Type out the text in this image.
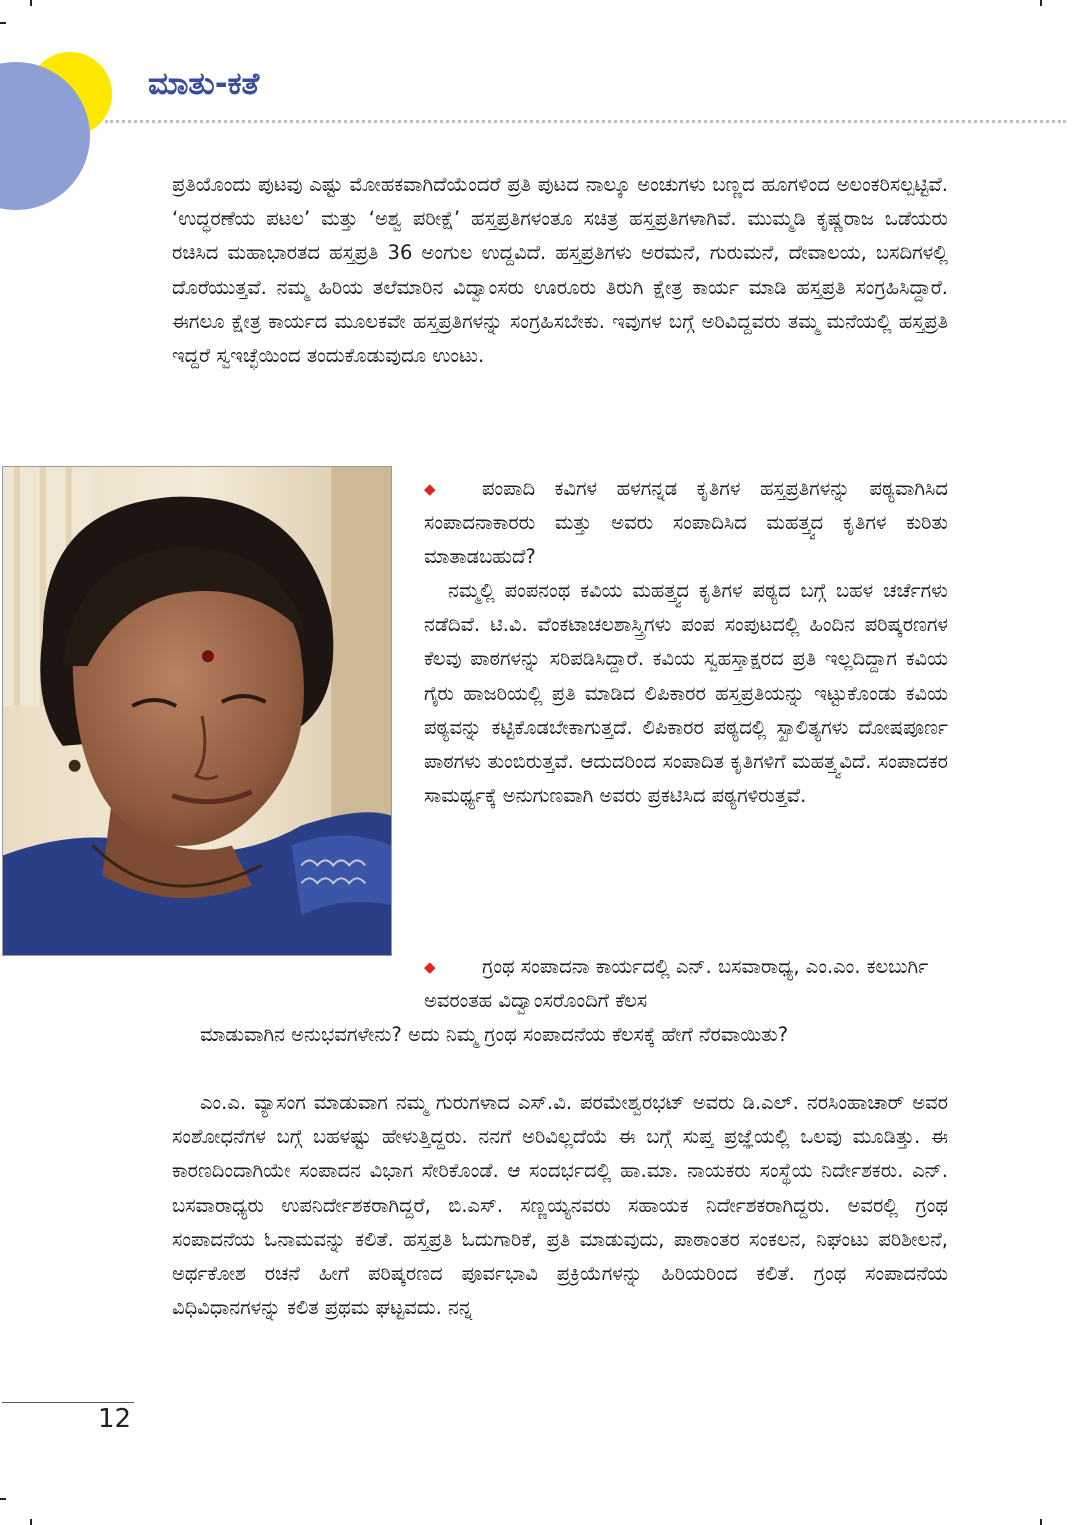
ಮಾತು-ಕತೆ

ಪ್ರತಿಯೊಂದು ಪುಟವು ಎಷ್ಟು ಮೋಹಕವಾಗಿದೆಯೆಂದರೆ ಪ್ರತಿ ಪುಟದ ನಾಲ್ಕೂ ಅಂಚುಗಳು ಬಣ್ಣದ ಹೂಗಳಿಂದ ಅಲಂಕರಿಸಲ್ಪಟ್ಟಿವೆ. ‘ಉದ್ಧರಣೆಯ ಪಟಲ’ ಮತ್ತು ‘ಅಶ್ವ ಪರೀಕ್ಷೆ’ ಹಸ್ತಪ್ರತಿಗಳಂತೂ ಸಚಿತ್ರ ಹಸ್ತಪ್ರತಿಗಳಾಗಿವೆ. ಮುಮ್ಮಡಿ ಕೃಷ್ಣರಾಜ ಒಡೆಯರು ರಚಿಸಿದ ಮಹಾಭಾರತದ ಹಸ್ತಪ್ರತಿ 36 ಅಂಗುಲ ಉದ್ದವಿದೆ. ಹಸ್ತಪ್ರತಿಗಳು ಅರಮನೆ, ಗುರುಮನೆ, ದೇವಾಲಯ, ಬಸದಿಗಳಲ್ಲಿ ದೊರೆಯುತ್ತವೆ. ನಮ್ಮ ಹಿರಿಯ ತಲೆಮಾರಿನ ವಿದ್ವಾಂಸರು ಊರೂರು ತಿರುಗಿ ಕ್ಷೇತ್ರ ಕಾರ್ಯ ಮಾಡಿ ಹಸ್ತಪ್ರತಿ ಸಂಗ್ರಹಿಸಿದ್ದಾರೆ. ಈಗಲೂ ಕ್ಷೇತ್ರ ಕಾರ್ಯದ ಮೂಲಕವೇ ಹಸ್ತಪ್ರತಿಗಳನ್ನು ಸಂಗ್ರಹಿಸಬೇಕು. ಇವುಗಳ ಬಗ್ಗೆ ಅರಿವಿದ್ದವರು ತಮ್ಮ ಮನೆಯಲ್ಲಿ ಹಸ್ತಪ್ರತಿ ಇದ್ದರೆ ಸ್ವಇಚ್ಛೆಯಿಂದ ತಂದುಕೊಡುವುದೂ ಉಂಟು.

◆ ಪಂಪಾದಿ ಕವಿಗಳ ಹಳಗನ್ನಡ ಕೃತಿಗಳ ಹಸ್ತಪ್ರತಿಗಳನ್ನು ಪಠ್ಯವಾಗಿಸಿದ ಸಂಪಾದನಾಕಾರರು ಮತ್ತು ಅವರು ಸಂಪಾದಿಸಿದ ಮಹತ್ತ್ವದ ಕೃತಿಗಳ ಕುರಿತು ಮಾತಾಡಬಹುದೆ?

ನಮ್ಮಲ್ಲಿ ಪಂಪನಂಥ ಕವಿಯ ಮಹತ್ತ್ವದ ಕೃತಿಗಳ ಪಠ್ಯದ ಬಗ್ಗೆ ಬಹಳ ಚರ್ಚೆಗಳು ನಡೆದಿವೆ. ಟಿ.ವಿ. ವೆಂಕಟಾಚಲಶಾಸ್ತ್ರಿಗಳು ಪಂಪ ಸಂಪುಟದಲ್ಲಿ ಹಿಂದಿನ ಪರಿಷ್ಕರಣಗಳ ಕೆಲವು ಪಾಠಗಳನ್ನು ಸರಿಪಡಿಸಿದ್ದಾರೆ. ಕವಿಯ ಸ್ವಹಸ್ತಾಕ್ಷರದ ಪ್ರತಿ ಇಲ್ಲದಿದ್ದಾಗ ಕವಿಯ ಗೈರು ಹಾಜರಿಯಲ್ಲಿ ಪ್ರತಿ ಮಾಡಿದ ಲಿಪಿಕಾರರ ಹಸ್ತಪ್ರತಿಯನ್ನು ಇಟ್ಟುಕೊಂಡು ಕವಿಯ ಪಠ್ಯವನ್ನು ಕಟ್ಟಿಕೊಡಬೇಕಾಗುತ್ತದೆ. ಲಿಪಿಕಾರರ ಪಠ್ಯದಲ್ಲಿ ಸ್ಖಾಲಿತ್ಯಗಳು ದೋಷಪೂರ್ಣ ಪಾಠಗಳು ತುಂಬಿರುತ್ತವೆ. ಆದುದರಿಂದ ಸಂಪಾದಿತ ಕೃತಿಗಳಿಗೆ ಮಹತ್ತ್ವವಿದೆ. ಸಂಪಾದಕರ ಸಾಮರ್ಥ್ಯಕ್ಕೆ ಅನುಗುಣವಾಗಿ ಅವರು ಪ್ರಕಟಿಸಿದ ಪಠ್ಯಗಳಿರುತ್ತವೆ.

◆ ಗ್ರಂಥ ಸಂಪಾದನಾ ಕಾರ್ಯದಲ್ಲಿ ಎನ್. ಬಸವಾರಾಧ್ಯ, ಎಂ.ಎಂ. ಕಲಬುರ್ಗಿ ಅವರಂತಹ ವಿದ್ವಾಂಸರೊಂದಿಗೆ ಕೆಲಸ

ಮಾಡುವಾಗಿನ ಅನುಭವಗಳೇನು? ಅದು ನಿಮ್ಮ ಗ್ರಂಥ ಸಂಪಾದನೆಯ ಕೆಲಸಕ್ಕೆ ಹೇಗೆ ನೆರವಾಯಿತು?

ಎಂ.ಎ. ವ್ಯಾಸಂಗ ಮಾಡುವಾಗ ನಮ್ಮ ಗುರುಗಳಾದ ಎಸ್.ವಿ. ಪರಮೇಶ್ವರಭಟ್ ಅವರು ಡಿ.ಎಲ್. ನರಸಿಂಹಾಚಾರ್ ಅವರ ಸಂಶೋಧನೆಗಳ ಬಗ್ಗೆ ಬಹಳಷ್ಟು ಹೇಳುತ್ತಿದ್ದರು. ನನಗೆ ಅರಿವಿಲ್ಲದೆಯೆ ಈ ಬಗ್ಗೆ ಸುಪ್ತ ಪ್ರಜ್ಞೆಯಲ್ಲಿ ಒಲವು ಮೂಡಿತ್ತು. ಈ ಕಾರಣದಿಂದಾಗಿಯೇ ಸಂಪಾದನ ವಿಭಾಗ ಸೇರಿಕೊಂಡೆ. ಆ ಸಂದರ್ಭದಲ್ಲಿ ಹಾ.ಮಾ. ನಾಯಕರು ಸಂಸ್ಥೆಯ ನಿರ್ದೇಶಕರು. ಎನ್. ಬಸವಾರಾಧ್ಯರು ಉಪನಿರ್ದೇಶಕರಾಗಿದ್ದರೆ, ಬಿ.ಎಸ್. ಸಣ್ಣಯ್ಯನವರು ಸಹಾಯಕ ನಿರ್ದೇಶಕರಾಗಿದ್ದರು. ಅವರಲ್ಲಿ ಗ್ರಂಥ ಸಂಪಾದನೆಯ ಓನಾಮವನ್ನು ಕಲಿತೆ. ಹಸ್ತಪ್ರತಿ ಓದುಗಾರಿಕೆ, ಪ್ರತಿ ಮಾಡುವುದು, ಪಾಠಾಂತರ ಸಂಕಲನ, ನಿಘಂಟು ಪರಿಶೀಲನೆ, ಅರ್ಥಕೋಶ ರಚನೆ ಹೀಗೆ ಪರಿಷ್ಕರಣದ ಪೂರ್ವಭಾವಿ ಪ್ರಕ್ರಿಯೆಗಳನ್ನು ಹಿರಿಯರಿಂದ ಕಲಿತೆ. ಗ್ರಂಥ ಸಂಪಾದನೆಯ ವಿಧಿವಿಧಾನಗಳನ್ನು ಕಲಿತ ಪ್ರಥಮ ಘಟ್ಟವದು. ನನ್ನ

12
